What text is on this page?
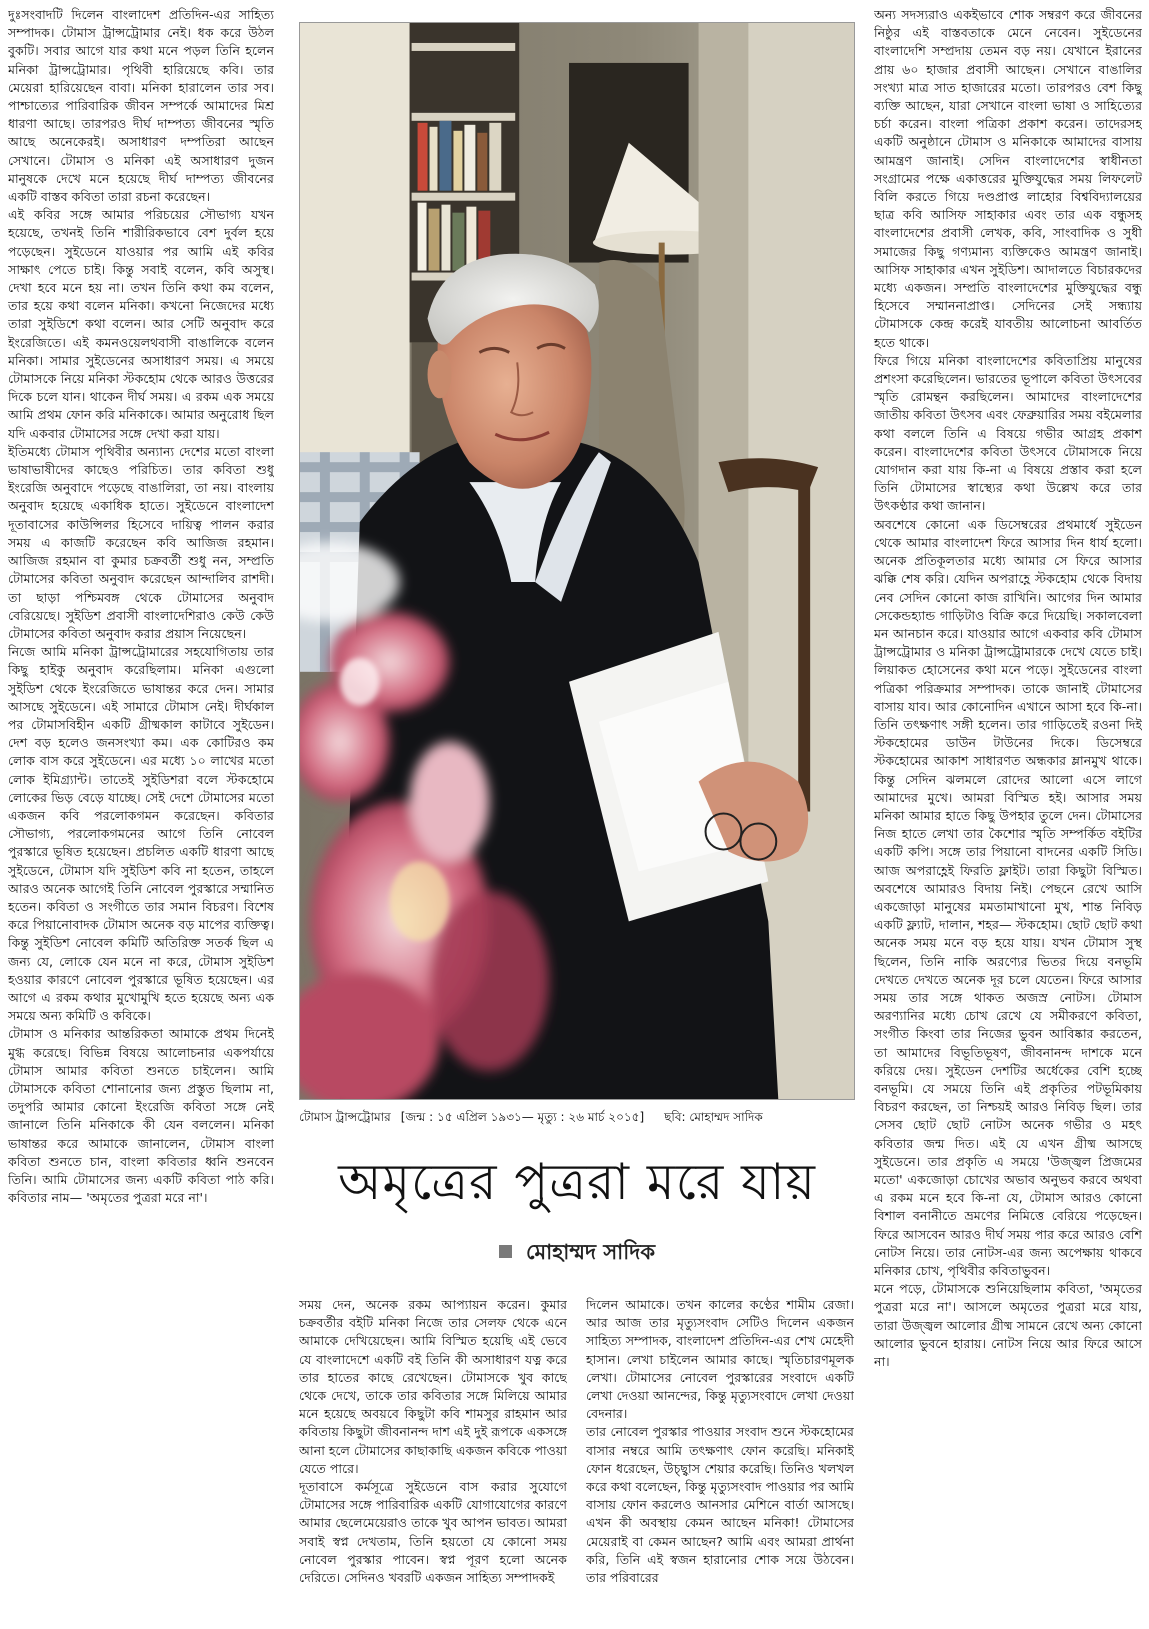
দুঃসংবাদটি দিলেন বাংলাদেশ প্রতিদিন-এর সাহিত্য সম্পাদক। টোমাস ট্রান্সট্রোমার নেই। ধক করে উঠল বুকটি। সবার আগে যার কথা মনে পড়ল তিনি হলেন মনিকা ট্রান্সট্রোমার। পৃথিবী হারিয়েছে কবি। তার মেয়েরা হারিয়েছেন বাবা। মনিকা হারালেন তার সব। পাশ্চাত্যের পারিবারিক জীবন সম্পর্কে আমাদের মিশ্র ধারণা আছে। তারপরও দীর্ঘ দাম্পত্য জীবনের স্মৃতি আছে অনেকেরই। অসাধারণ দম্পতিরা আছেন সেখানে। টোমাস ও মনিকা এই অসাধারণ দুজন মানুষকে দেখে মনে হয়েছে দীর্ঘ দাম্পত্য জীবনের একটি বাস্তব কবিতা তারা রচনা করেছেন।

এই কবির সঙ্গে আমার পরিচয়ের সৌভাগ্য যখন হয়েছে, তখনই তিনি শারীরিকভাবে বেশ দুর্বল হয়ে পড়েছেন। সুইডেনে যাওয়ার পর আমি এই কবির সাক্ষাৎ পেতে চাই। কিন্তু সবাই বলেন, কবি অসুস্থ। দেখা হবে মনে হয় না। তখন তিনি কথা কম বলেন, তার হয়ে কথা বলেন মনিকা। কখনো নিজেদের মধ্যে তারা সুইডিশে কথা বলেন। আর সেটি অনুবাদ করে ইংরেজিতে। এই কমনওয়েলথবাসী বাঙালিকে বলেন মনিকা। সামার সুইডেনের অসাধারণ সময়। এ সময়ে টোমাসকে নিয়ে মনিকা স্টকহোম থেকে আরও উত্তরের দিকে চলে যান। থাকেন দীর্ঘ সময়। এ রকম এক সময়ে আমি প্রথম ফোন করি মনিকাকে। আমার অনুরোধ ছিল যদি একবার টোমাসের সঙ্গে দেখা করা যায়।

ইতিমধ্যে টোমাস পৃথিবীর অন্যান্য দেশের মতো বাংলা ভাষাভাষীদের কাছেও পরিচিত। তার কবিতা শুধু ইংরেজি অনুবাদে পড়েছে বাঙালিরা, তা নয়। বাংলায় অনুবাদ হয়েছে একাধিক হাতে। সুইডেনে বাংলাদেশ দূতাবাসের কাউন্সিলর হিসেবে দায়িত্ব পালন করার সময় এ কাজটি করেছেন কবি আজিজ রহমান। আজিজ রহমান বা কুমার চক্রবর্তী শুধু নন, সম্প্রতি টোমাসের কবিতা অনুবাদ করেছেন আন্দালিব রাশদী। তা ছাড়া পশ্চিমবঙ্গ থেকে টোমাসের অনুবাদ বেরিয়েছে। সুইডিশ প্রবাসী বাংলাদেশিরাও কেউ কেউ টোমাসের কবিতা অনুবাদ করার প্রয়াস নিয়েছেন।

নিজে আমি মনিকা ট্রান্সট্রোমারের সহযোগিতায় তার কিছু হাইকু অনুবাদ করেছিলাম। মনিকা এগুলো সুইডিশ থেকে ইংরেজিতে ভাষান্তর করে দেন। সামার আসছে সুইডেনে। এই সামারে টোমাস নেই। দীর্ঘকাল পর টোমাসবিহীন একটি গ্রীষ্মকাল কাটাবে সুইডেন। দেশ বড় হলেও জনসংখ্যা কম। এক কোটিরও কম লোক বাস করে সুইডেনে। এর মধ্যে ১০ লাখের মতো লোক ইমিগ্র্যান্ট। তাতেই সুইডিশরা বলে স্টকহোমে লোকের ভিড় বেড়ে যাচ্ছে। সেই দেশে টোমাসের মতো একজন কবি পরলোকগমন করেছেন। কবিতার সৌভাগ্য, পরলোকগমনের আগে তিনি নোবেল পুরস্কারে ভূষিত হয়েছেন। প্রচলিত একটি ধারণা আছে সুইডেনে, টোমাস যদি সুইডিশ কবি না হতেন, তাহলে আরও অনেক আগেই তিনি নোবেল পুরস্কারে সম্মানিত হতেন। কবিতা ও সংগীতে তার সমান বিচরণ। বিশেষ করে পিয়ানোবাদক টোমাস অনেক বড় মাপের ব্যক্তিত্ব। কিন্তু সুইডিশ নোবেল কমিটি অতিরিক্ত সতর্ক ছিল এ জন্য যে, লোকে যেন মনে না করে, টোমাস সুইডিশ হওয়ার কারণে নোবেল পুরস্কারে ভূষিত হয়েছেন। এর আগে এ রকম কথার মুখোমুখি হতে হয়েছে অন্য এক সময়ে অন্য কমিটি ও কবিকে।

টোমাস ও মনিকার আন্তরিকতা আমাকে প্রথম দিনেই মুগ্ধ করেছে। বিভিন্ন বিষয়ে আলোচনার একপর্যায়ে টোমাস আমার কবিতা শুনতে চাইলেন। আমি টোমাসকে কবিতা শোনানোর জন্য প্রস্তুত ছিলাম না, তদুপরি আমার কোনো ইংরেজি কবিতা সঙ্গে নেই জানালে তিনি মনিকাকে কী যেন বললেন। মনিকা ভাষান্তর করে আমাকে জানালেন, টোমাস বাংলা কবিতা শুনতে চান, বাংলা কবিতার ধ্বনি শুনবেন তিনি। আমি টোমাসের জন্য একটি কবিতা পাঠ করি। কবিতার নাম— 'অমৃতের পুত্ররা মরে না'।

টোমাস ট্রান্সট্রোমার [জন্ম : ১৫ এপ্রিল ১৯৩১— মৃত্যু : ২৬ মার্চ ২০১৫] ছবি: মোহাম্মদ সাদিক
অমৃত্রের পুত্ররা মরে যায়
মোহাম্মদ সাদিক

সময় দেন, অনেক রকম আপ্যায়ন করেন। কুমার চক্রবর্তীর বইটি মনিকা নিজে তার সেলফ থেকে এনে আমাকে দেখিয়েছেন। আমি বিস্মিত হয়েছি এই ভেবে যে বাংলাদেশে একটি বই তিনি কী অসাধারণ যত্ন করে তার হাতের কাছে রেখেছেন। টোমাসকে খুব কাছে থেকে দেখে, তাকে তার কবিতার সঙ্গে মিলিয়ে আমার মনে হয়েছে অবয়বে কিছুটা কবি শামসুর রাহমান আর কবিতায় কিছুটা জীবনানন্দ দাশ এই দুই রূপকে একসঙ্গে আনা হলে টোমাসের কাছাকাছি একজন কবিকে পাওয়া যেতে পারে।

দূতাবাসে কর্মসূত্রে সুইডেনে বাস করার সুযোগে টোমাসের সঙ্গে পারিবারিক একটি যোগাযোগের কারণে আমার ছেলেমেয়েরাও তাকে খুব আপন ভাবত। আমরা সবাই স্বপ্ন দেখতাম, তিনি হয়তো যে কোনো সময় নোবেল পুরস্কার পাবেন। স্বপ্ন পূরণ হলো অনেক দেরিতে। সেদিনও খবরটি একজন সাহিত্য সম্পাদকই

দিলেন আমাকে। তখন কালের কণ্ঠের শামীম রেজা। আর আজ তার মৃত্যুসংবাদ সেটিও দিলেন একজন সাহিত্য সম্পাদক, বাংলাদেশ প্রতিদিন-এর শেখ মেহেদী হাসান। লেখা চাইলেন আমার কাছে। স্মৃতিচারণমূলক লেখা। টোমাসের নোবেল পুরস্কারের সংবাদে একটি লেখা দেওয়া আনন্দের, কিন্তু মৃত্যুসংবাদে লেখা দেওয়া বেদনার।

তার নোবেল পুরস্কার পাওয়ার সংবাদ শুনে স্টকহোমের বাসার নম্বরে আমি তৎক্ষণাৎ ফোন করেছি। মনিকাই ফোন ধরেছেন, উচ্ছ্বাস শেয়ার করেছি। তিনিও খলখল করে কথা বলেছেন, কিন্তু মৃত্যুসংবাদ পাওয়ার পর আমি বাসায় ফোন করলেও আনসার মেশিনে বার্তা আসছে। এখন কী অবস্থায় কেমন আছেন মনিকা! টোমাসের মেয়েরাই বা কেমন আছেন? আমি এবং আমরা প্রার্থনা করি, তিনি এই স্বজন হারানোর শোক সয়ে উঠবেন। তার পরিবারের

অন্য সদস্যরাও একইভাবে শোক সম্বরণ করে জীবনের নিষ্ঠুর এই বাস্তবতাকে মেনে নেবেন। সুইডেনের বাংলাদেশি সম্প্রদায় তেমন বড় নয়। যেখানে ইরানের প্রায় ৬০ হাজার প্রবাসী আছেন। সেখানে বাঙালির সংখ্যা মাত্র সাত হাজারের মতো। তারপরও বেশ কিছু ব্যক্তি আছেন, যারা সেখানে বাংলা ভাষা ও সাহিত্যের চর্চা করেন। বাংলা পত্রিকা প্রকাশ করেন। তাদেরসহ একটি অনুষ্ঠানে টোমাস ও মনিকাকে আমাদের বাসায় আমন্ত্রণ জানাই। সেদিন বাংলাদেশের স্বাধীনতা সংগ্রামের পক্ষে একাত্তরের মুক্তিযুদ্ধের সময় লিফলেট বিলি করতে গিয়ে দণ্ডপ্রাপ্ত লাহোর বিশ্ববিদ্যালয়ের ছাত্র কবি আসিফ সাহাকার এবং তার এক বন্ধুসহ বাংলাদেশের প্রবাসী লেখক, কবি, সাংবাদিক ও সুধী সমাজের কিছু গণ্যমান্য ব্যক্তিকেও আমন্ত্রণ জানাই। আসিফ সাহাকার এখন সুইডিশ। আদালতে বিচারকদের মধ্যে একজন। সম্প্রতি বাংলাদেশের মুক্তিযুদ্ধের বন্ধু হিসেবে সম্মাননাপ্রাপ্ত। সেদিনের সেই সন্ধ্যায় টোমাসকে কেন্দ্র করেই যাবতীয় আলোচনা আবর্তিত হতে থাকে।

ফিরে গিয়ে মনিকা বাংলাদেশের কবিতাপ্রিয় মানুষের প্রশংসা করেছিলেন। ভারতের ভূপালে কবিতা উৎসবের স্মৃতি রোমন্থন করছিলেন। আমাদের বাংলাদেশের জাতীয় কবিতা উৎসব এবং ফেব্রুয়ারির সময় বইমেলার কথা বললে তিনি এ বিষয়ে গভীর আগ্রহ প্রকাশ করেন। বাংলাদেশের কবিতা উৎসবে টোমাসকে নিয়ে যোগদান করা যায় কি-না এ বিষয়ে প্রস্তাব করা হলে তিনি টোমাসের স্বাস্থ্যের কথা উল্লেখ করে তার উৎকণ্ঠার কথা জানান।

অবশেষে কোনো এক ডিসেম্বরের প্রথমার্ধে সুইডেন থেকে আমার বাংলাদেশ ফিরে আসার দিন ধার্য হলো। অনেক প্রতিকূলতার মধ্যে আমার সে ফিরে আসার ঝক্কি শেষ করি। যেদিন অপরাহ্ণে স্টকহোম থেকে বিদায় নেব সেদিন কোনো কাজ রাখিনি। আগের দিন আমার সেকেন্ডহ্যান্ড গাড়িটাও বিক্রি করে দিয়েছি। সকালবেলা মন আনচান করে। যাওয়ার আগে একবার কবি টোমাস ট্রান্সট্রোমার ও মনিকা ট্রান্সট্রোমারকে দেখে যেতে চাই। লিয়াকত হোসেনের কথা মনে পড়ে। সুইডেনের বাংলা পত্রিকা পরিক্রমার সম্পাদক। তাকে জানাই টোমাসের বাসায় যাব। আর কোনোদিন এখানে আসা হবে কি-না। তিনি তৎক্ষণাৎ সঙ্গী হলেন। তার গাড়িতেই রওনা দিই স্টকহোমের ডাউন টাউনের দিকে। ডিসেম্বরে স্টকহোমের আকাশ সাধারণত অন্ধকার ম্লানমুখ থাকে। কিন্তু সেদিন ঝলমলে রোদের আলো এসে লাগে আমাদের মুখে। আমরা বিস্মিত হই। আসার সময় মনিকা আমার হাতে কিছু উপহার তুলে দেন। টোমাসের নিজ হাতে লেখা তার কৈশোর স্মৃতি সম্পর্কিত বইটির একটি কপি। সঙ্গে তার পিয়ানো বাদনের একটি সিডি। আজ অপরাহ্ণেই ফিরতি ফ্লাইট। তারা কিছুটা বিস্মিত। অবশেষে আমারও বিদায় নিই। পেছনে রেখে আসি একজোড়া মানুষের মমতামাখানো মুখ, শান্ত নিবিড় একটি ফ্ল্যাট, দালান, শহর— স্টকহোম। ছোট ছোট কথা অনেক সময় মনে বড় হয়ে যায়। যখন টোমাস সুস্থ ছিলেন, তিনি নাকি অরণ্যের ভিতর দিয়ে বনভূমি দেখতে দেখতে অনেক দূর চলে যেতেন। ফিরে আসার সময় তার সঙ্গে থাকত অজস্র নোটস। টোমাস অরণ্যানির মধ্যে চোখ রেখে যে সমীকরণে কবিতা, সংগীত কিংবা তার নিজের ভুবন আবিষ্কার করতেন, তা আমাদের বিভূতিভূষণ, জীবনানন্দ দাশকে মনে করিয়ে দেয়। সুইডেন দেশটির অর্ধেকের বেশি হচ্ছে বনভূমি। যে সময়ে তিনি এই প্রকৃতির পটভূমিকায় বিচরণ করছেন, তা নিশ্চয়ই আরও নিবিড় ছিল। তার সেসব ছোট ছোট নোটস অনেক গভীর ও মহৎ কবিতার জন্ম দিত। এই যে এখন গ্রীষ্ম আসছে সুইডেনে। তার প্রকৃতি এ সময়ে 'উজ্জ্বল প্রিজমের মতো' একজোড়া চোখের অভাব অনুভব করবে অথবা এ রকম মনে হবে কি-না যে, টোমাস আরও কোনো বিশাল বনানীতে ভ্রমণের নিমিত্তে বেরিয়ে পড়েছেন। ফিরে আসবেন আরও দীর্ঘ সময় পার করে আরও বেশি নোটস নিয়ে। তার নোটস-এর জন্য অপেক্ষায় থাকবে মনিকার চোখ, পৃথিবীর কবিতাভুবন।

মনে পড়ে, টোমাসকে শুনিয়েছিলাম কবিতা, 'অমৃতের পুত্ররা মরে না'। আসলে অমৃতের পুত্ররা মরে যায়, তারা উজ্জ্বল আলোর গ্রীষ্ম সামনে রেখে অন্য কোনো আলোর ভুবনে হারায়। নোটস নিয়ে আর ফিরে আসে না।
